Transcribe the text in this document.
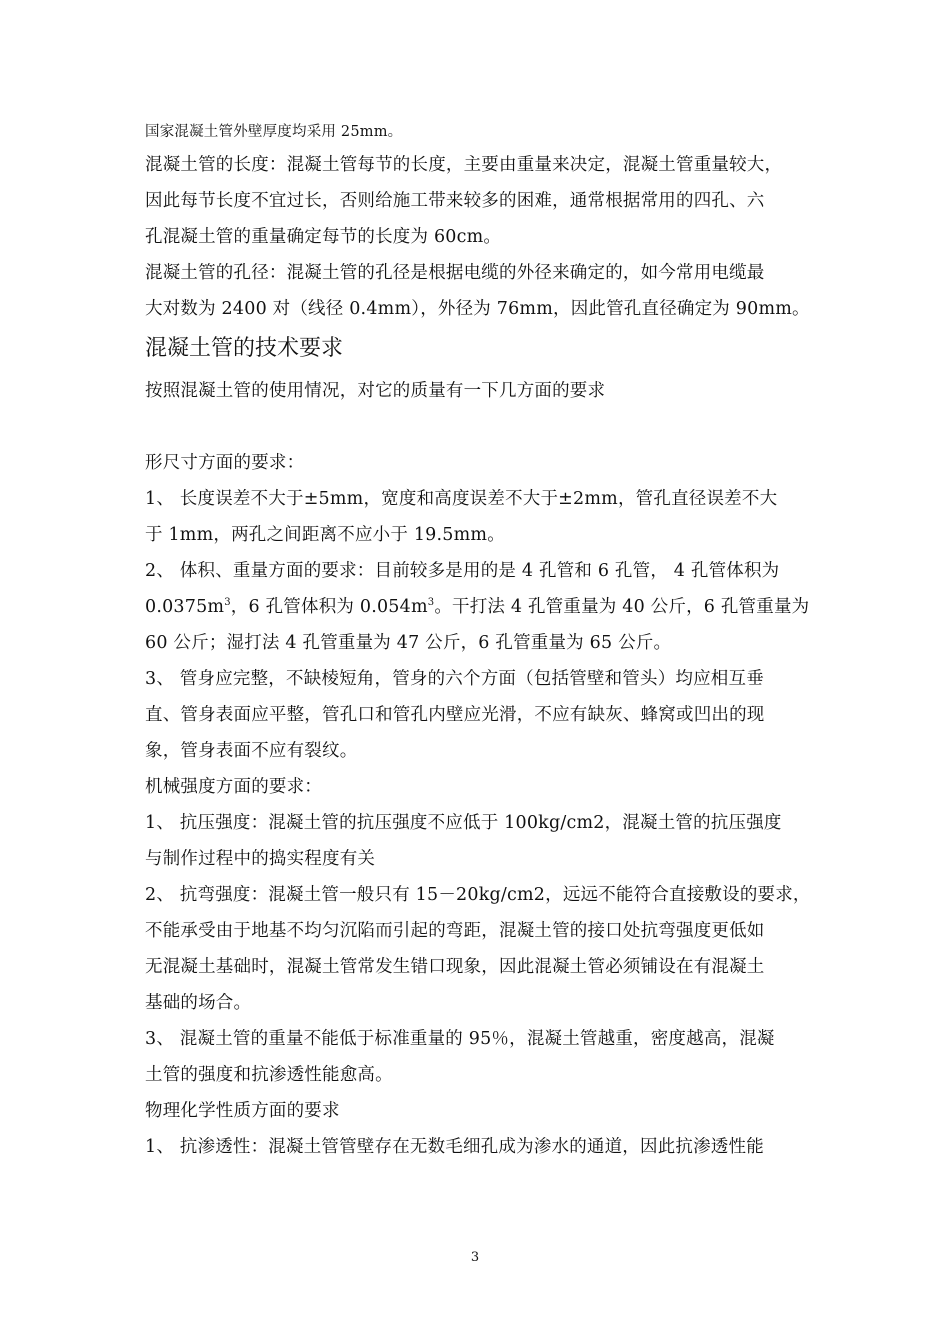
国家混凝土管外壁厚度均采用 25mm。
混凝土管的长度：混凝土管每节的长度，主要由重量来决定，混凝土管重量较大，
因此每节长度不宜过长，否则给施工带来较多的困难，通常根据常用的四孔、六
孔混凝土管的重量确定每节的长度为 60cm。
混凝土管的孔径：混凝土管的孔径是根据电缆的外径来确定的，如今常用电缆最
大对数为 2400 对（线径 0.4mm），外径为 76mm，因此管孔直径确定为 90mm。
混凝土管的技术要求
按照混凝土管的使用情况，对它的质量有一下几方面的要求
形尺寸方面的要求：
1、 长度误差不大于±5mm，宽度和高度误差不大于±2mm，管孔直径误差不大
于 1mm，两孔之间距离不应小于 19.5mm。
2、 体积、重量方面的要求：目前较多是用的是 4 孔管和 6 孔管， 4 孔管体积为
$0.0375m^3$，6 孔管体积为 $0.054m^3$。干打法 4 孔管重量为 40 公斤，6 孔管重量为
60 公斤；湿打法 4 孔管重量为 47 公斤，6 孔管重量为 65 公斤。
3、 管身应完整，不缺棱短角，管身的六个方面（包括管壁和管头）均应相互垂
直、管身表面应平整，管孔口和管孔内壁应光滑，不应有缺灰、蜂窝或凹出的现
象，管身表面不应有裂纹。
机械强度方面的要求：
1、 抗压强度：混凝土管的抗压强度不应低于 100kg/cm2，混凝土管的抗压强度
与制作过程中的捣实程度有关
2、 抗弯强度：混凝土管一般只有 15－20kg/cm2，远远不能符合直接敷设的要求，
不能承受由于地基不均匀沉陷而引起的弯距，混凝土管的接口处抗弯强度更低如
无混凝土基础时，混凝土管常发生错口现象，因此混凝土管必须铺设在有混凝土
基础的场合。
3、 混凝土管的重量不能低于标准重量的 95％，混凝土管越重，密度越高，混凝
土管的强度和抗渗透性能愈高。
物理化学性质方面的要求
1、 抗渗透性：混凝土管管壁存在无数毛细孔成为渗水的通道，因此抗渗透性能
3
